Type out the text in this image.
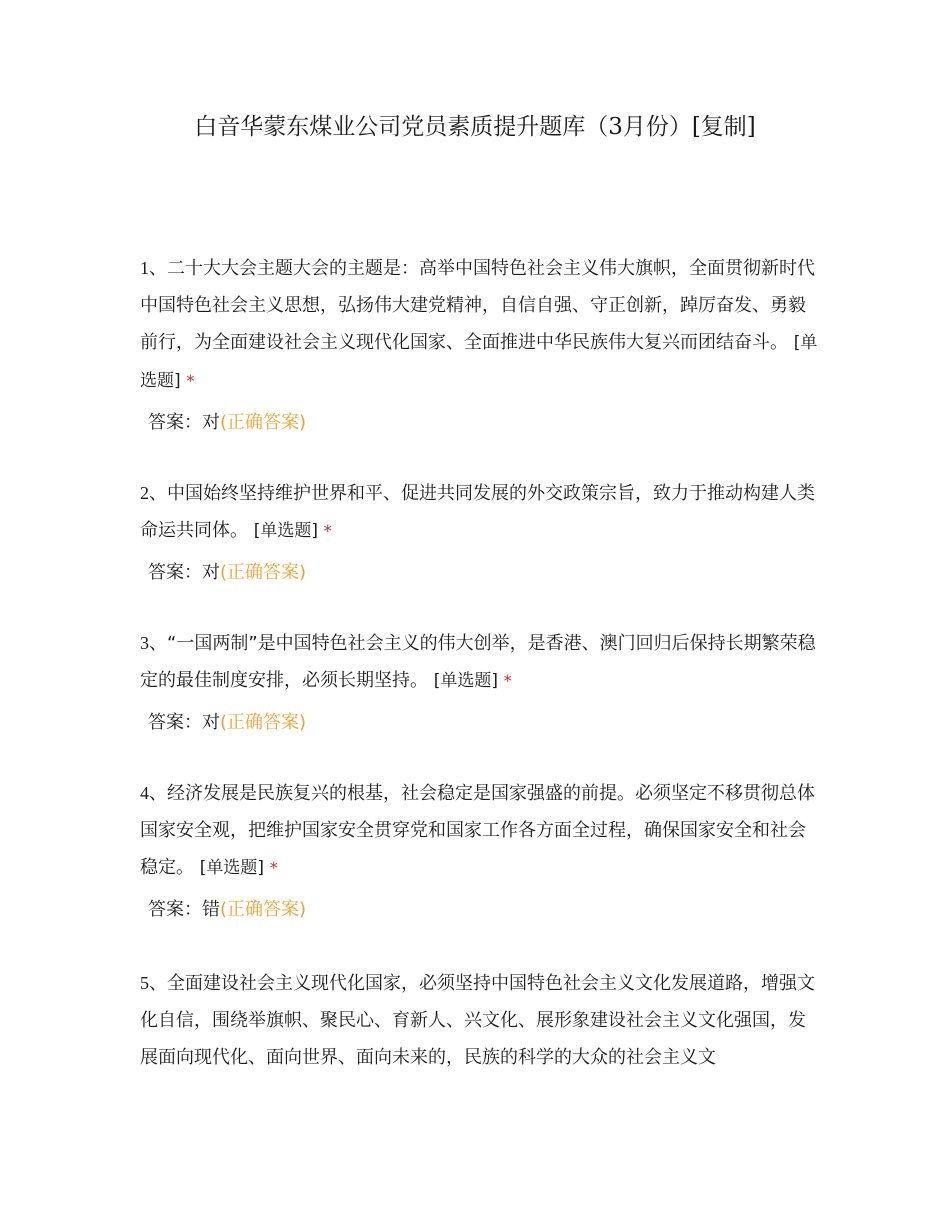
白音华蒙东煤业公司党员素质提升题库（3月份）[复制]

1、二十大大会主题大会的主题是：高举中国特色社会主义伟大旗帜，全面贯彻新时代中国特色社会主义思想，弘扬伟大建党精神，自信自强、守正创新，踔厉奋发、勇毅前行，为全面建设社会主义现代化国家、全面推进中华民族伟大复兴而团结奋斗。 [单选题] *

答案：对(正确答案)

2、中国始终坚持维护世界和平、促进共同发展的外交政策宗旨，致力于推动构建人类命运共同体。 [单选题] *

答案：对(正确答案)

3、“一国两制”是中国特色社会主义的伟大创举，是香港、澳门回归后保持长期繁荣稳定的最佳制度安排，必须长期坚持。 [单选题] *

答案：对(正确答案)

4、经济发展是民族复兴的根基，社会稳定是国家强盛的前提。必须坚定不移贯彻总体国家安全观，把维护国家安全贯穿党和国家工作各方面全过程，确保国家安全和社会稳定。 [单选题] *

答案：错(正确答案)

5、全面建设社会主义现代化国家，必须坚持中国特色社会主义文化发展道路，增强文化自信，围绕举旗帜、聚民心、育新人、兴文化、展形象建设社会主义文化强国，发展面向现代化、面向世界、面向未来的，民族的科学的大众的社会主义文
